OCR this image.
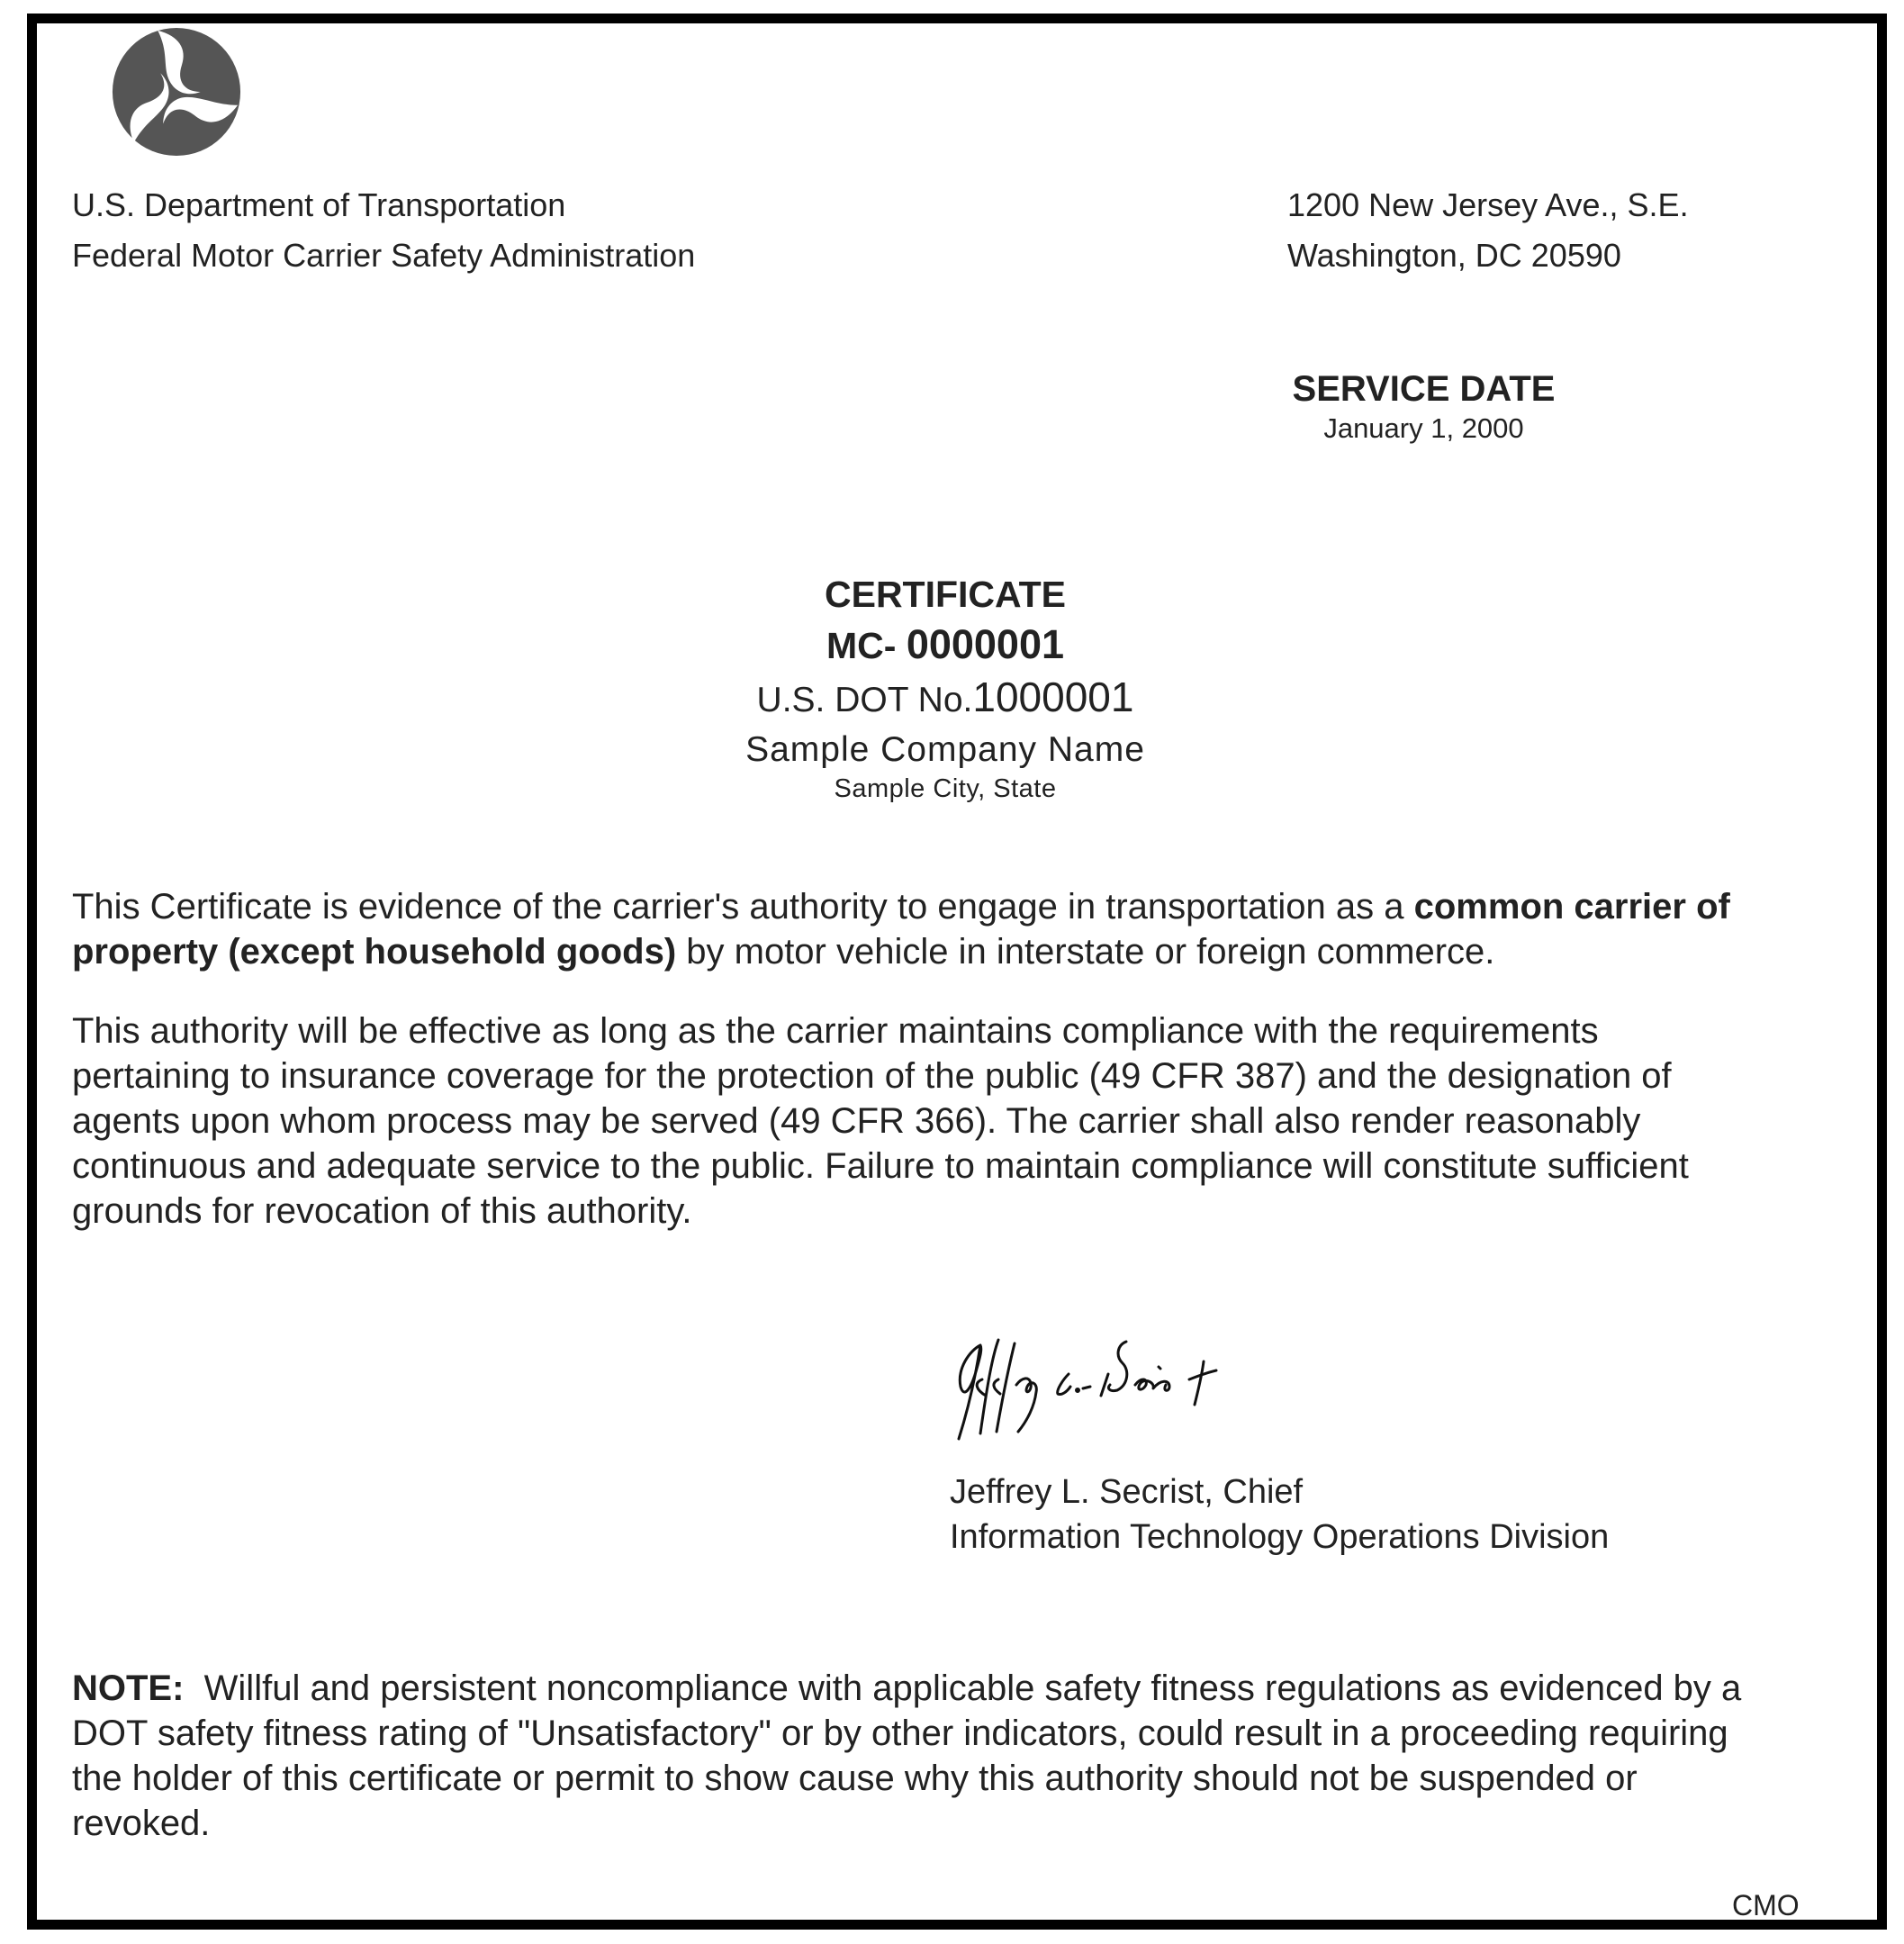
U.S. Department of Transportation
Federal Motor Carrier Safety Administration
1200 New Jersey Ave., S.E.
Washington, DC 20590
SERVICE DATE
January 1, 2000
CERTIFICATE
MC- 0000001
U.S. DOT No.1000001
Sample Company Name
Sample City, State
This Certificate is evidence of the carrier's authority to engage in transportation as a common carrier of
property (except household goods) by motor vehicle in interstate or foreign commerce.
This authority will be effective as long as the carrier maintains compliance with the requirements
pertaining to insurance coverage for the protection of the public (49 CFR 387) and the designation of
agents upon whom process may be served (49 CFR 366). The carrier shall also render reasonably
continuous and adequate service to the public. Failure to maintain compliance will constitute sufficient
grounds for revocation of this authority.
Jeffrey L. Secrist, Chief
Information Technology Operations Division
NOTE:  Willful and persistent noncompliance with applicable safety fitness regulations as evidenced by a
DOT safety fitness rating of "Unsatisfactory" or by other indicators, could result in a proceeding requiring
the holder of this certificate or permit to show cause why this authority should not be suspended or
revoked.
CMO
